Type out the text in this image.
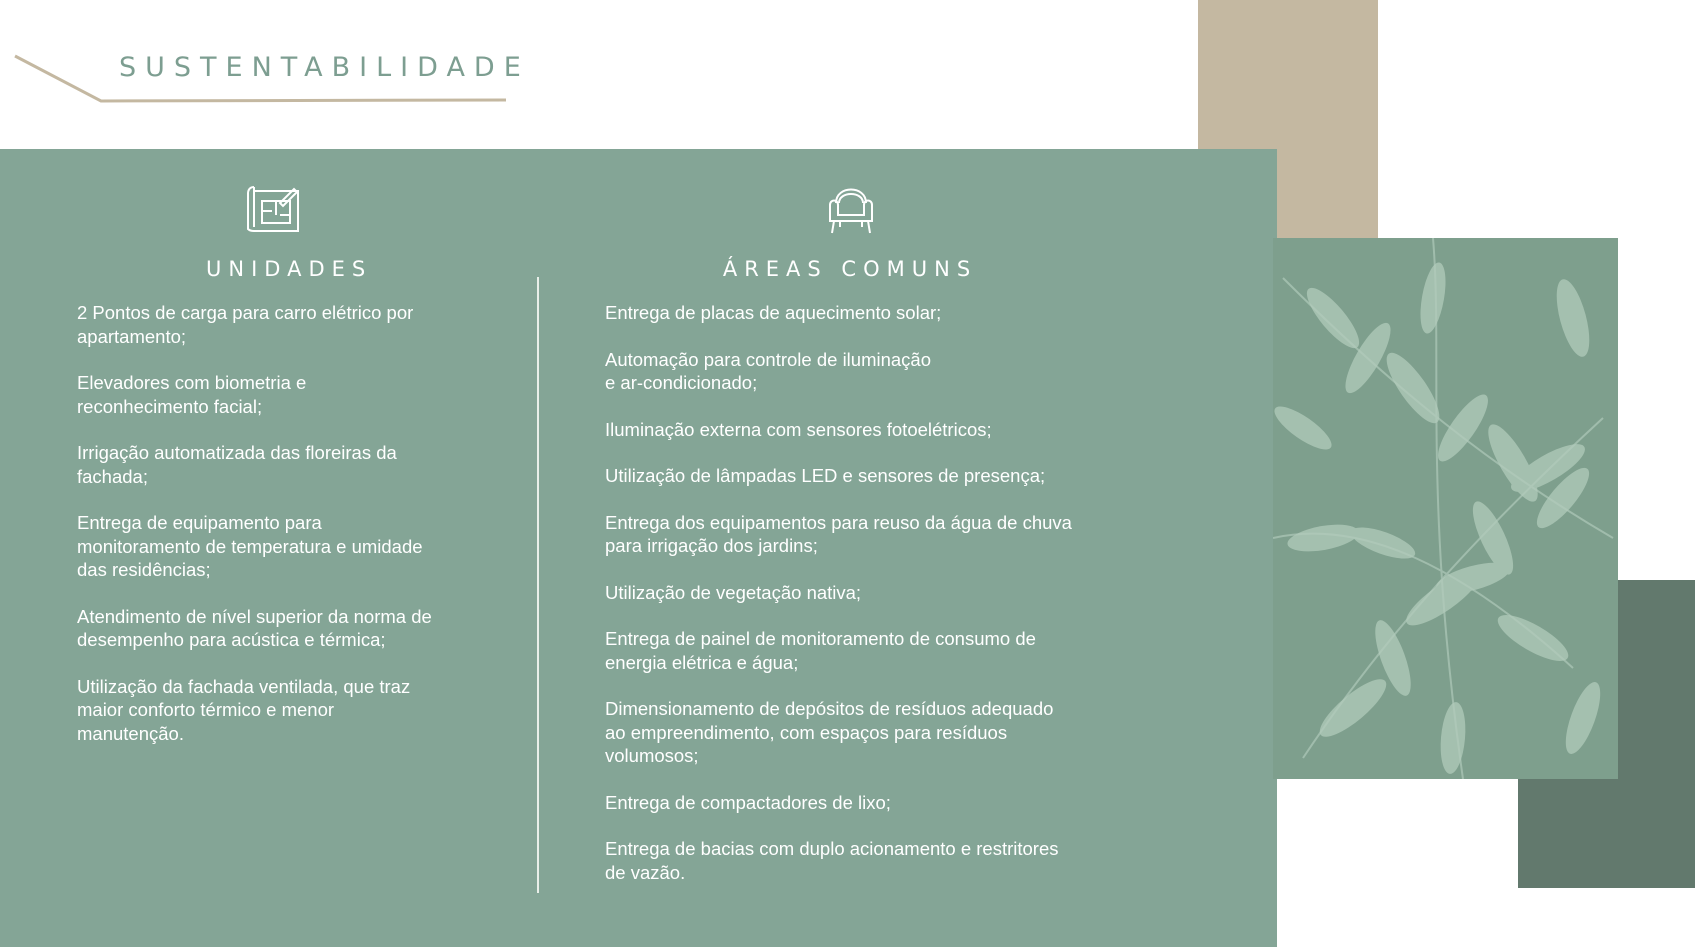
SUSTENTABILIDADE
UNIDADES
2 Pontos de carga para carro elétrico por
apartamento;
Elevadores com biometria e
reconhecimento facial;
Irrigação automatizada das floreiras da
fachada;
Entrega de equipamento para
monitoramento de temperatura e umidade
das residências;
Atendimento de nível superior da norma de
desempenho para acústica e térmica;
Utilização da fachada ventilada, que traz
maior conforto térmico e menor
manutenção.
ÁREAS COMUNS
Entrega de placas de aquecimento solar;
Automação para controle de iluminação
e ar-condicionado;
Iluminação externa com sensores fotoelétricos;
Utilização de lâmpadas LED e sensores de presença;
Entrega dos equipamentos para reuso da água de chuva
para irrigação dos jardins;
Utilização de vegetação nativa;
Entrega de painel de monitoramento de consumo de
energia elétrica e água;
Dimensionamento de depósitos de resíduos adequado
ao empreendimento, com espaços para resíduos
volumosos;
Entrega de compactadores de lixo;
Entrega de bacias com duplo acionamento e restritores
de vazão.
